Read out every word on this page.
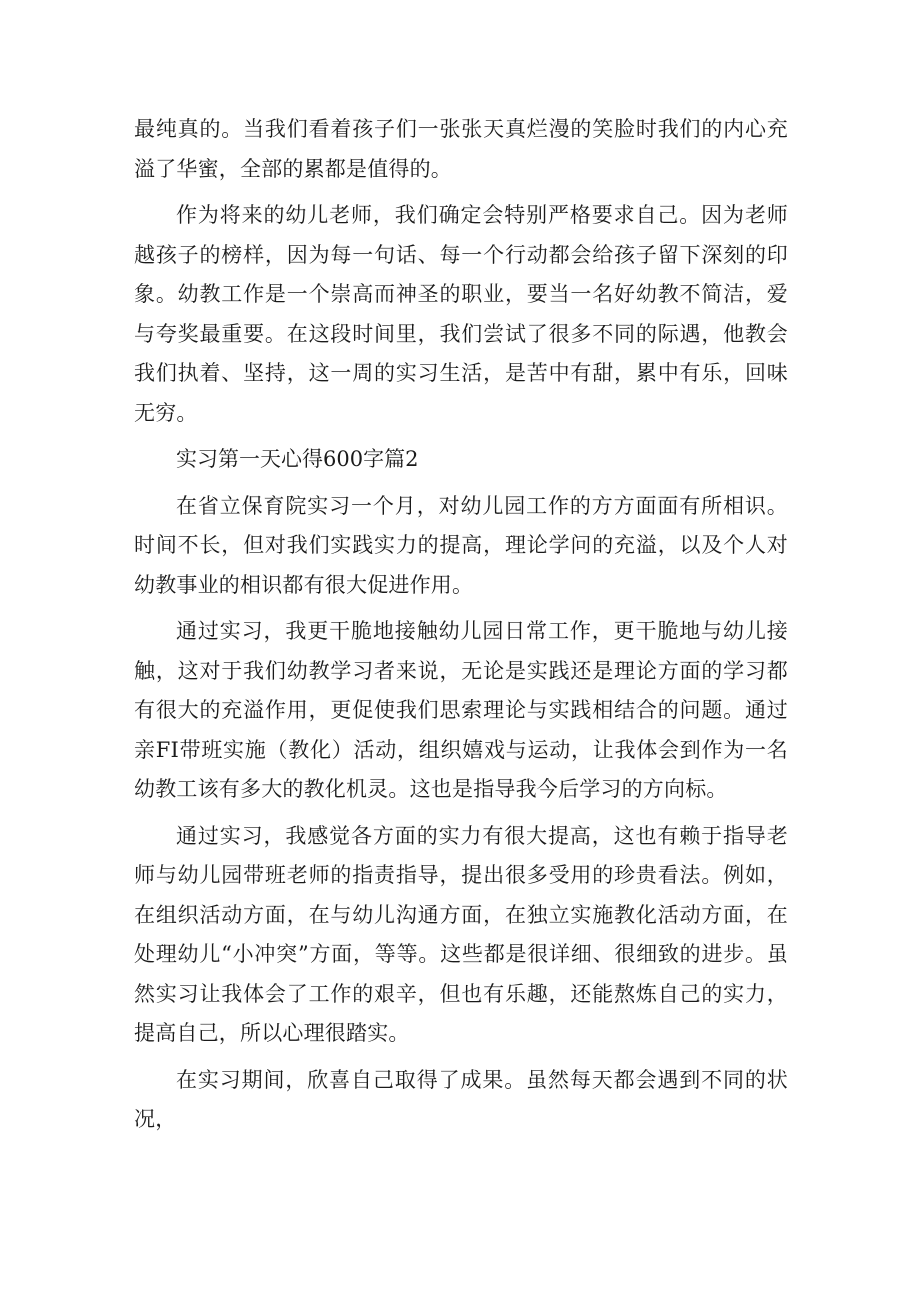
最纯真的。当我们看着孩子们一张张天真烂漫的笑脸时我们的内心充溢了华蜜，全部的累都是值得的。

作为将来的幼儿老师，我们确定会特别严格要求自己。因为老师越孩子的榜样，因为每一句话、每一个行动都会给孩子留下深刻的印象。幼教工作是一个崇高而神圣的职业，要当一名好幼教不简洁，爱与夸奖最重要。在这段时间里，我们尝试了很多不同的际遇，他教会我们执着、坚持，这一周的实习生活，是苦中有甜，累中有乐，回味无穷。

实习第一天心得600字篇2

在省立保育院实习一个月，对幼儿园工作的方方面面有所相识。时间不长，但对我们实践实力的提高，理论学问的充溢，以及个人对幼教事业的相识都有很大促进作用。

通过实习，我更干脆地接触幼儿园日常工作，更干脆地与幼儿接触，这对于我们幼教学习者来说，无论是实践还是理论方面的学习都有很大的充溢作用，更促使我们思索理论与实践相结合的问题。通过亲FI带班实施（教化）活动，组织嬉戏与运动，让我体会到作为一名幼教工该有多大的教化机灵。这也是指导我今后学习的方向标。

通过实习，我感觉各方面的实力有很大提高，这也有赖于指导老师与幼儿园带班老师的指责指导，提出很多受用的珍贵看法。例如，在组织活动方面，在与幼儿沟通方面，在独立实施教化活动方面，在处理幼儿“小冲突”方面，等等。这些都是很详细、很细致的进步。虽然实习让我体会了工作的艰辛，但也有乐趣，还能熬炼自己的实力，提高自己，所以心理很踏实。

在实习期间，欣喜自己取得了成果。虽然每天都会遇到不同的状况，
